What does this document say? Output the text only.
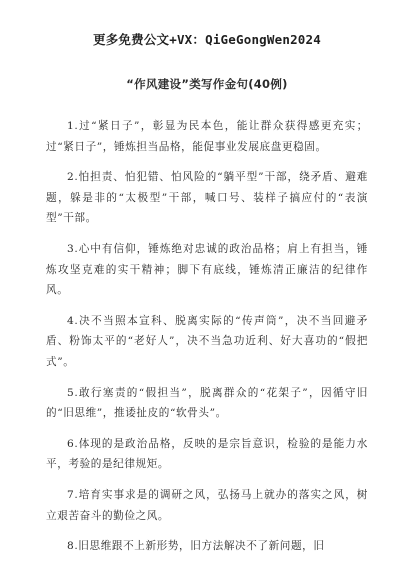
更多免费公文+VX：QiGeGongWen2024
“作风建设”类写作金句(40例)

1.过“紧日子”，彰显为民本色，能让群众获得感更充实；过“紧日子”，锤炼担当品格，能促事业发展底盘更稳固。

2.怕担责、怕犯错、怕风险的“躺平型”干部，绕矛盾、避难题，躲是非的“太极型”干部，喊口号、装样子搞应付的“表演型”干部。

3.心中有信仰，锤炼绝对忠诚的政治品格；肩上有担当，锤炼攻坚克难的实干精神；脚下有底线，锤炼清正廉洁的纪律作风。

4.决不当照本宣科、脱离实际的“传声筒”，决不当回避矛盾、粉饰太平的“老好人”，决不当急功近利、好大喜功的“假把式”。

5.敢行塞责的“假担当”，脱离群众的“花架子”，因循守旧的“旧思维”，推诿扯皮的“软骨头”。

6.体现的是政治品格，反映的是宗旨意识，检验的是能力水平，考验的是纪律规矩。

7.培育实事求是的调研之风，弘扬马上就办的落实之风，树立艰苦奋斗的勤俭之风。

8.旧思维跟不上新形势，旧方法解决不了新问题，旧
